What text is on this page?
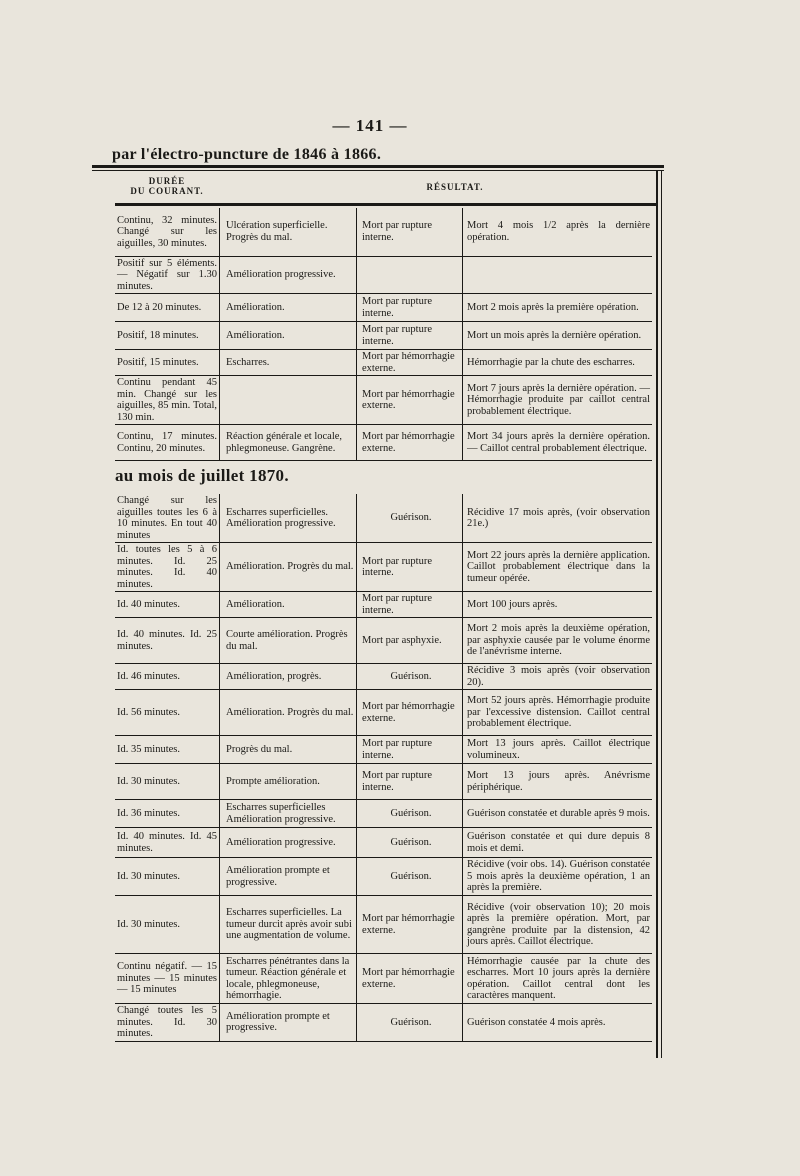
— 141 —
par l'électro-puncture de 1846 à 1866.
DURÉE
DU COURANT.	RÉSULTAT.
Continu, 32 minutes. Changé sur les aiguilles, 30 minutes.	Ulcération superficielle. Progrès du mal.	Mort par rupture interne.	Mort 4 mois 1/2 après la dernière opération.
Positif sur 5 éléments. — Négatif sur 1.30 minutes.	Amélioration progressive.		
De 12 à 20 minutes.	Amélioration.	Mort par rupture interne.	Mort 2 mois après la première opération.
Positif, 18 minutes.	Amélioration.	Mort par rupture interne.	Mort un mois après la dernière opération.
Positif, 15 minutes.	Escharres.	Mort par hémorrhagie externe.	Hémorrhagie par la chute des escharres.
Continu pendant 45 min. Changé sur les aiguilles, 85 min. Total, 130 min.		Mort par hémorrhagie externe.	Mort 7 jours après la dernière opération. — Hémorrhagie produite par caillot central probablement électrique.
Continu, 17 minutes. Continu, 20 minutes.	Réaction générale et locale, phlegmoneuse. Gangrène.	Mort par hémorrhagie externe.	Mort 34 jours après la dernière opération. — Caillot central probablement électrique.
au mois de juillet 1870.
Changé sur les aiguilles toutes les 6 à 10 minutes. En tout 40 minutes	Escharres superficielles. Amélioration progressive.	Guérison.	Récidive 17 mois après, (voir observation 21e.)
Id. toutes les 5 à 6 minutes. Id. 25 minutes. Id. 40 minutes.	Amélioration. Progrès du mal.	Mort par rupture interne.	Mort 22 jours après la dernière application. Caillot probablement électrique dans la tumeur opérée.
Id. 40 minutes.	Amélioration.	Mort par rupture interne.	Mort 100 jours après.
Id. 40 minutes. Id. 25 minutes.	Courte amélioration. Progrès du mal.	Mort par asphyxie.	Mort 2 mois après la deuxième opération, par asphyxie causée par le volume énorme de l'anévrisme interne.
Id. 46 minutes.	Amélioration, progrès.	Guérison.	Récidive 3 mois après (voir observation 20).
Id. 56 minutes.	Amélioration. Progrès du mal.	Mort par hémorrhagie externe.	Mort 52 jours après. Hémorrhagie produite par l'excessive distension. Caillot central probablement électrique.
Id. 35 minutes.	Progrès du mal.	Mort par rupture interne.	Mort 13 jours après. Caillot électrique volumineux.
Id. 30 minutes.	Prompte amélioration.	Mort par rupture interne.	Mort 13 jours après. Anévrisme périphérique.
Id. 36 minutes.	Escharres superficielles Amélioration progressive.	Guérison.	Guérison constatée et durable après 9 mois.
Id. 40 minutes. Id. 45 minutes.	Amélioration progressive.	Guérison.	Guérison constatée et qui dure depuis 8 mois et demi.
Id. 30 minutes.	Amélioration prompte et progressive.	Guérison.	Récidive (voir obs. 14). Guérison constatée 5 mois après la deuxième opération, 1 an après la première.
Id. 30 minutes.	Escharres superficielles. La tumeur durcit après avoir subi une augmentation de volume.	Mort par hémorrhagie externe.	Récidive (voir observation 10); 20 mois après la première opération. Mort, par gangrène produite par la distension, 42 jours après. Caillot électrique.
Continu négatif. — 15 minutes — 15 minutes — 15 minutes	Escharres pénétrantes dans la tumeur. Réaction générale et locale, phlegmoneuse, hémorrhagie.	Mort par hémorrhagie externe.	Hémorrhagie causée par la chute des escharres. Mort 10 jours après la dernière opération. Caillot central dont les caractères manquent.
Changé toutes les 5 minutes. Id. 30 minutes.	Amélioration prompte et progressive.	Guérison.	Guérison constatée 4 mois après.
